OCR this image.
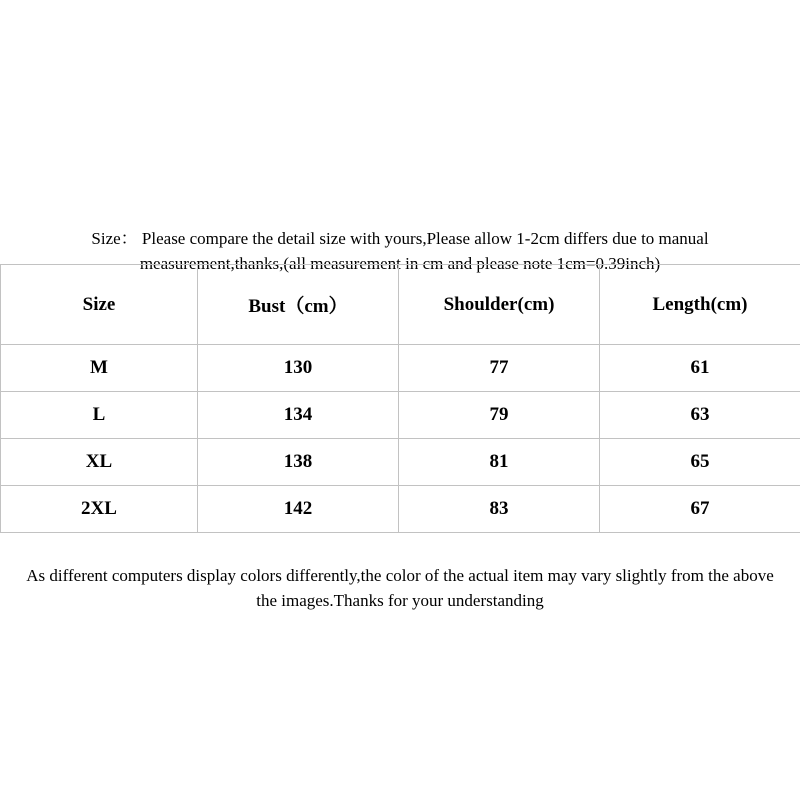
Size： Please compare the detail size with yours,Please allow 1-2cm differs due to manual
measurement,thanks,(all measurement in cm and please note 1cm=0.39inch)

Size	Bust（cm）	Shoulder(cm)	Length(cm)
M	130	77	61
L	134	79	63
XL	138	81	65
2XL	142	83	67

As different computers display colors differently,the color of the actual item may vary slightly from the above
the images.Thanks for your understanding
